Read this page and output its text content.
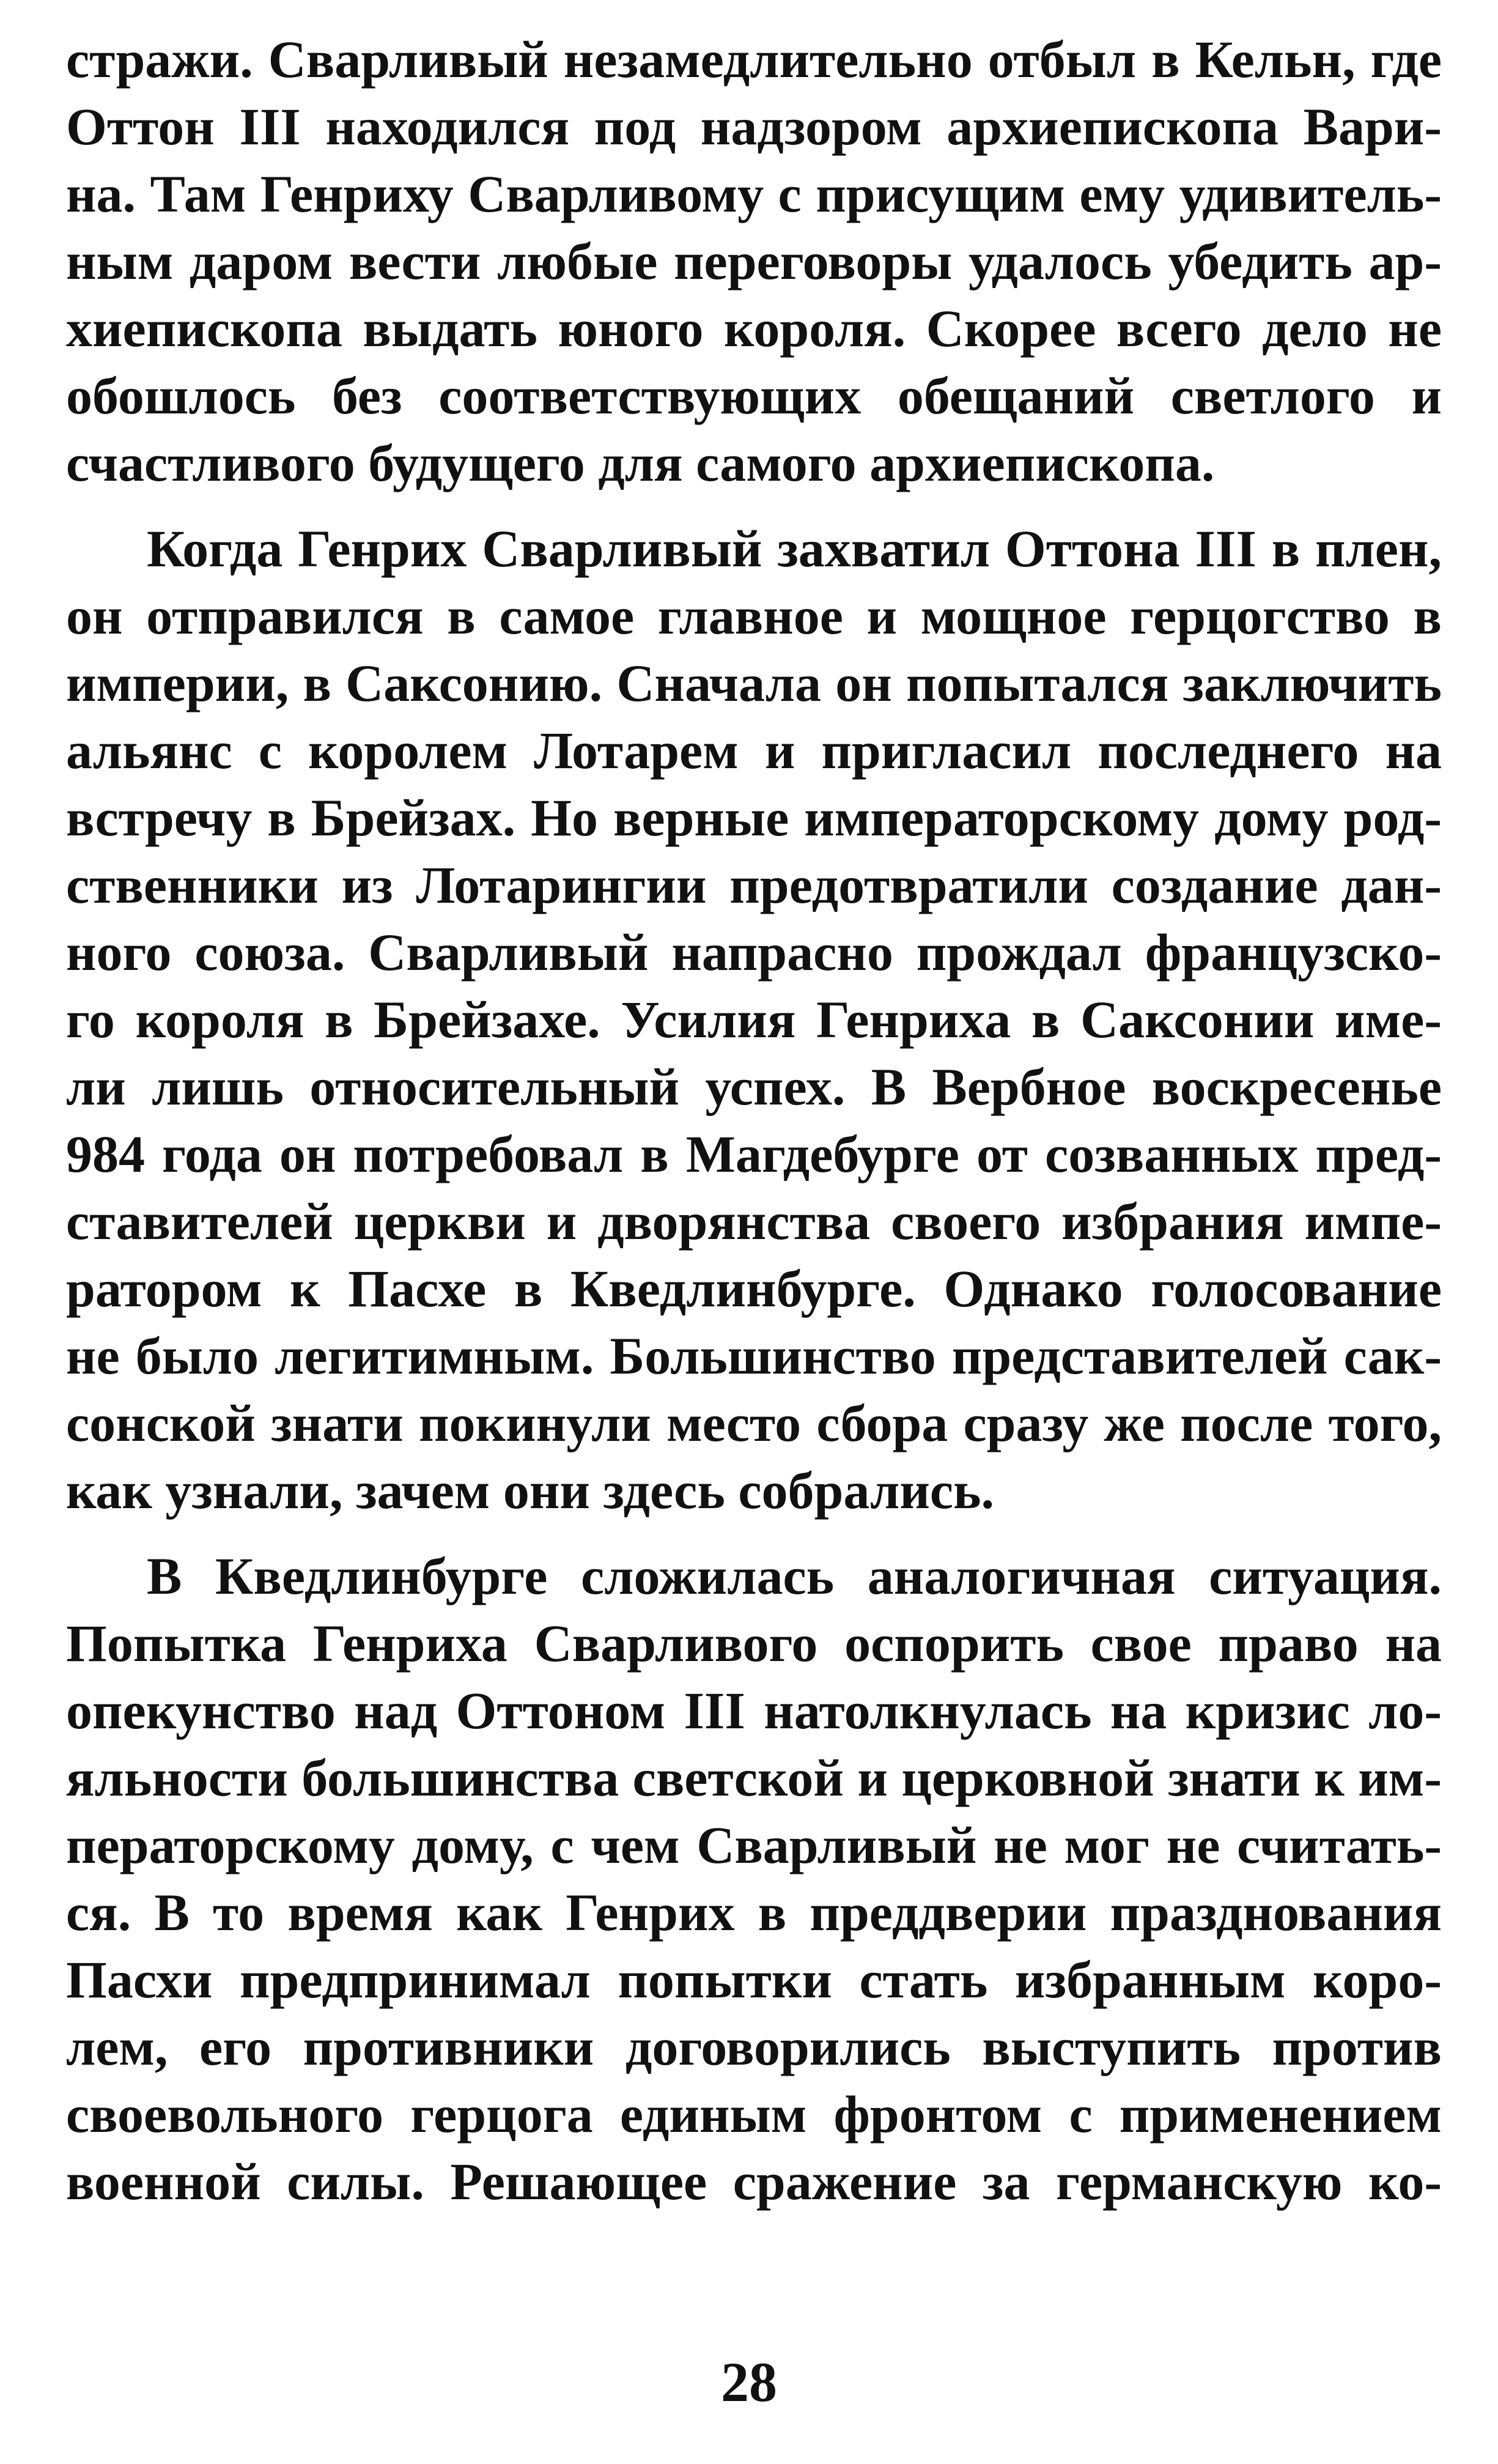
стражи. Сварливый незамедлительно отбыл в Кельн, где
Оттон III находился под надзором архиепископа Вари-
на. Там Генриху Сварливому с присущим ему удивитель-
ным даром вести любые переговоры удалось убедить ар-
хиепископа выдать юного короля. Скорее всего дело не
обошлось без соответствующих обещаний светлого и
счастливого будущего для самого архиепископа.
Когда Генрих Сварливый захватил Оттона III в плен,
он отправился в самое главное и мощное герцогство в
империи, в Саксонию. Сначала он попытался заключить
альянс с королем Лотарем и пригласил последнего на
встречу в Брейзах. Но верные императорскому дому род-
ственники из Лотарингии предотвратили создание дан-
ного союза. Сварливый напрасно прождал французско-
го короля в Брейзахе. Усилия Генриха в Саксонии име-
ли лишь относительный успех. В Вербное воскресенье
984 года он потребовал в Магдебурге от созванных пред-
ставителей церкви и дворянства своего избрания импе-
ратором к Пасхе в Кведлинбурге. Однако голосование
не было легитимным. Большинство представителей сак-
сонской знати покинули место сбора сразу же после того,
как узнали, зачем они здесь собрались.
В Кведлинбурге сложилась аналогичная ситуация.
Попытка Генриха Сварливого оспорить свое право на
опекунство над Оттоном III натолкнулась на кризис ло-
яльности большинства светской и церковной знати к им-
ператорскому дому, с чем Сварливый не мог не считать-
ся. В то время как Генрих в преддверии празднования
Пасхи предпринимал попытки стать избранным коро-
лем, его противники договорились выступить против
своевольного герцога единым фронтом с применением
военной силы. Решающее сражение за германскую ко-
28
